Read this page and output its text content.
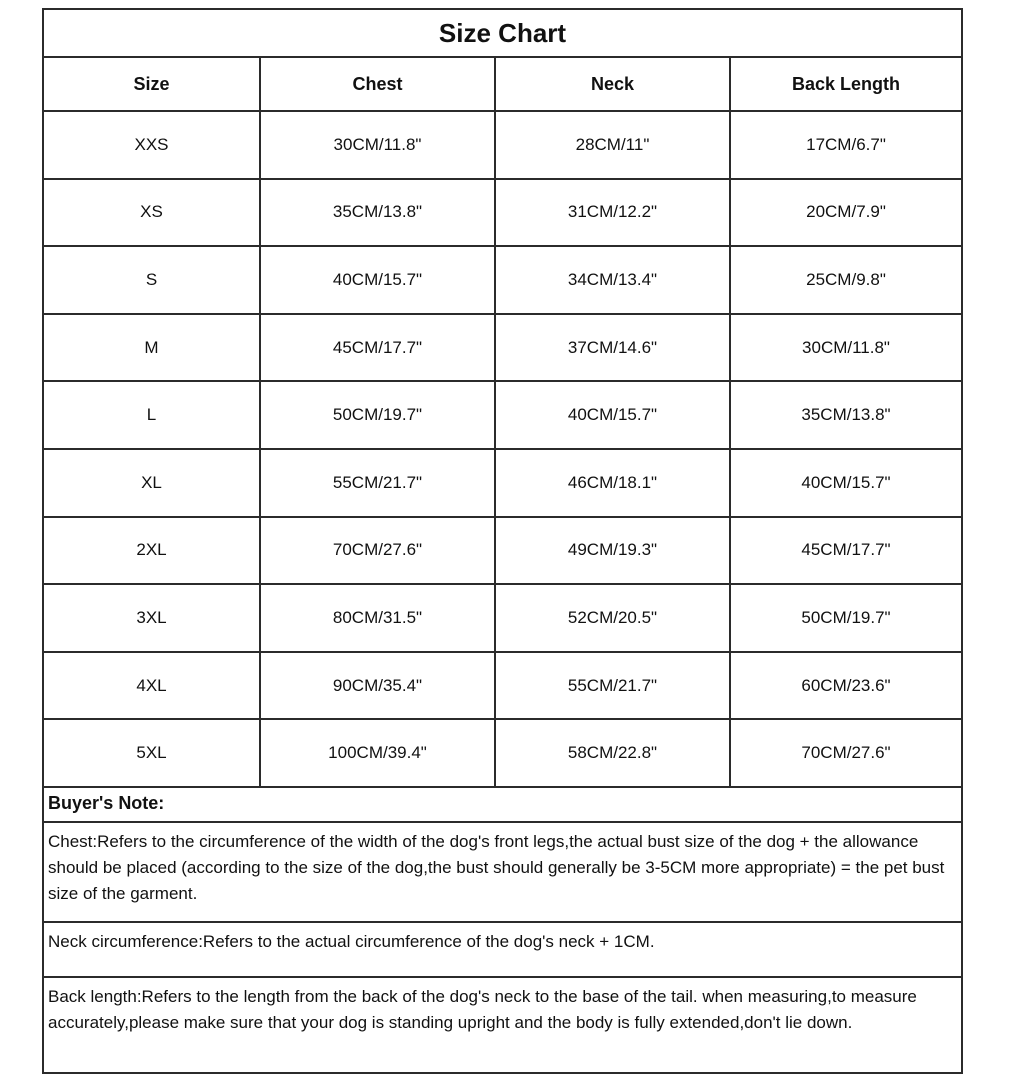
Size Chart
Size	Chest	Neck	Back Length
XXS	30CM/11.8"	28CM/11"	17CM/6.7"
XS	35CM/13.8"	31CM/12.2"	20CM/7.9"
S	40CM/15.7"	34CM/13.4"	25CM/9.8"
M	45CM/17.7"	37CM/14.6"	30CM/11.8"
L	50CM/19.7"	40CM/15.7"	35CM/13.8"
XL	55CM/21.7"	46CM/18.1"	40CM/15.7"
2XL	70CM/27.6"	49CM/19.3"	45CM/17.7"
3XL	80CM/31.5"	52CM/20.5"	50CM/19.7"
4XL	90CM/35.4"	55CM/21.7"	60CM/23.6"
5XL	100CM/39.4"	58CM/22.8"	70CM/27.6"
Buyer's Note:
Chest:Refers to the circumference of the width of the dog's front legs,the actual bust size of the dog + the allowance should be placed (according to the size of the dog,the bust should generally be 3-5CM more appropriate) = the pet bust size of the garment.
Neck circumference:Refers to the actual circumference of the dog's neck + 1CM.
Back length:Refers to the length from the back of the dog's neck to the base of the tail. when measuring,to measure accurately,please make sure that your dog is standing upright and the body is fully extended,don't lie down.
